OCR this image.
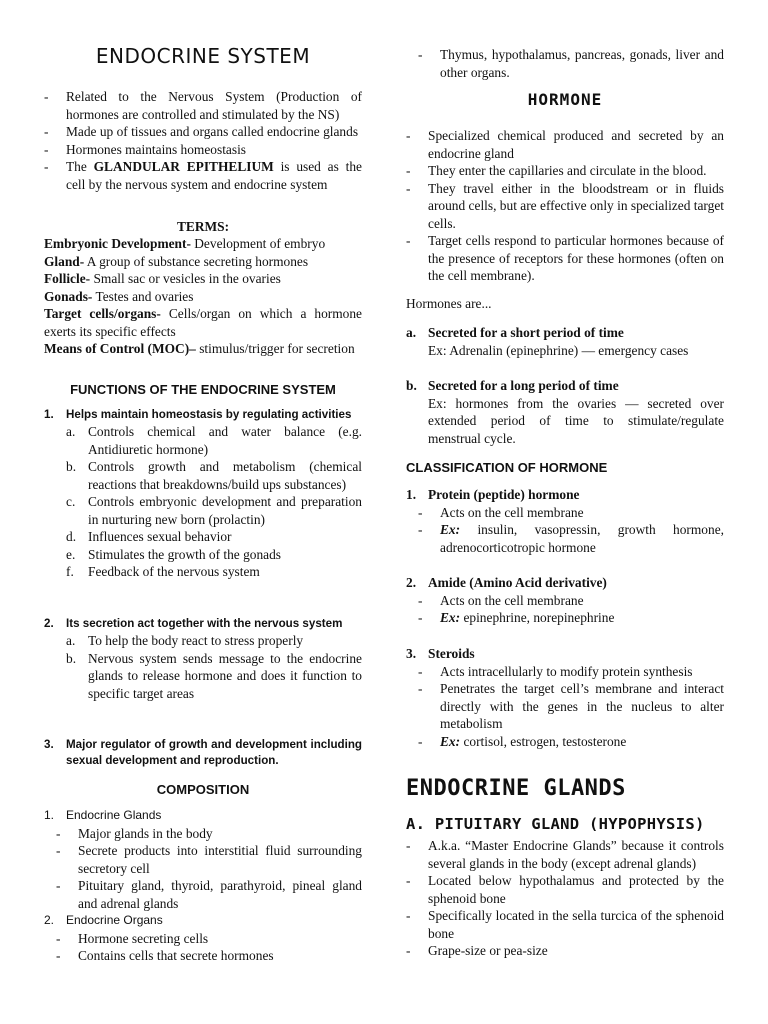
ENDOCRINE SYSTEM
- Related to the Nervous System (Production of hormones are controlled and stimulated by the NS)
- Made up of tissues and organs called endocrine glands
- Hormones maintains homeostasis
- The GLANDULAR EPITHELIUM is used as the cell by the nervous system and endocrine system
TERMS:
Embryonic Development- Development of embryo
Gland- A group of substance secreting hormones
Follicle- Small sac or vesicles in the ovaries
Gonads- Testes and ovaries
Target cells/organs- Cells/organ on which a hormone exerts its specific effects
Means of Control (MOC)– stimulus/trigger for secretion
FUNCTIONS OF THE ENDOCRINE SYSTEM
1. Helps maintain homeostasis by regulating activities
a. Controls chemical and water balance (e.g. Antidiuretic hormone)
b. Controls growth and metabolism (chemical reactions that breakdowns/build ups substances)
c. Controls embryonic development and preparation in nurturing new born (prolactin)
d. Influences sexual behavior
e. Stimulates the growth of the gonads
f. Feedback of the nervous system
2. Its secretion act together with the nervous system
a. To help the body react to stress properly
b. Nervous system sends message to the endocrine glands to release hormone and does it function to specific target areas
3. Major regulator of growth and development including sexual development and reproduction.
COMPOSITION
1. Endocrine Glands
- Major glands in the body
- Secrete products into interstitial fluid surrounding secretory cell
- Pituitary gland, thyroid, parathyroid, pineal gland and adrenal glands
2. Endocrine Organs
- Hormone secreting cells
- Contains cells that secrete hormones
- Thymus, hypothalamus, pancreas, gonads, liver and other organs.
HORMONE
- Specialized chemical produced and secreted by an endocrine gland
- They enter the capillaries and circulate in the blood.
- They travel either in the bloodstream or in fluids around cells, but are effective only in specialized target cells.
- Target cells respond to particular hormones because of the presence of receptors for these hormones (often on the cell membrane).
Hormones are...
a. Secreted for a short period of time
Ex: Adrenalin (epinephrine) — emergency cases
b. Secreted for a long period of time
Ex: hormones from the ovaries — secreted over extended period of time to stimulate/regulate menstrual cycle.
CLASSIFICATION OF HORMONE
1. Protein (peptide) hormone
- Acts on the cell membrane
- Ex: insulin, vasopressin, growth hormone, adrenocorticotropic hormone
2. Amide (Amino Acid derivative)
- Acts on the cell membrane
- Ex: epinephrine, norepinephrine
3. Steroids
- Acts intracellularly to modify protein synthesis
- Penetrates the target cell’s membrane and interact directly with the genes in the nucleus to alter metabolism
- Ex: cortisol, estrogen, testosterone
ENDOCRINE GLANDS
A. PITUITARY GLAND (HYPOPHYSIS)
- A.k.a. “Master Endocrine Glands” because it controls several glands in the body (except adrenal glands)
- Located below hypothalamus and protected by the sphenoid bone
- Specifically located in the sella turcica of the sphenoid bone
- Grape-size or pea-size
